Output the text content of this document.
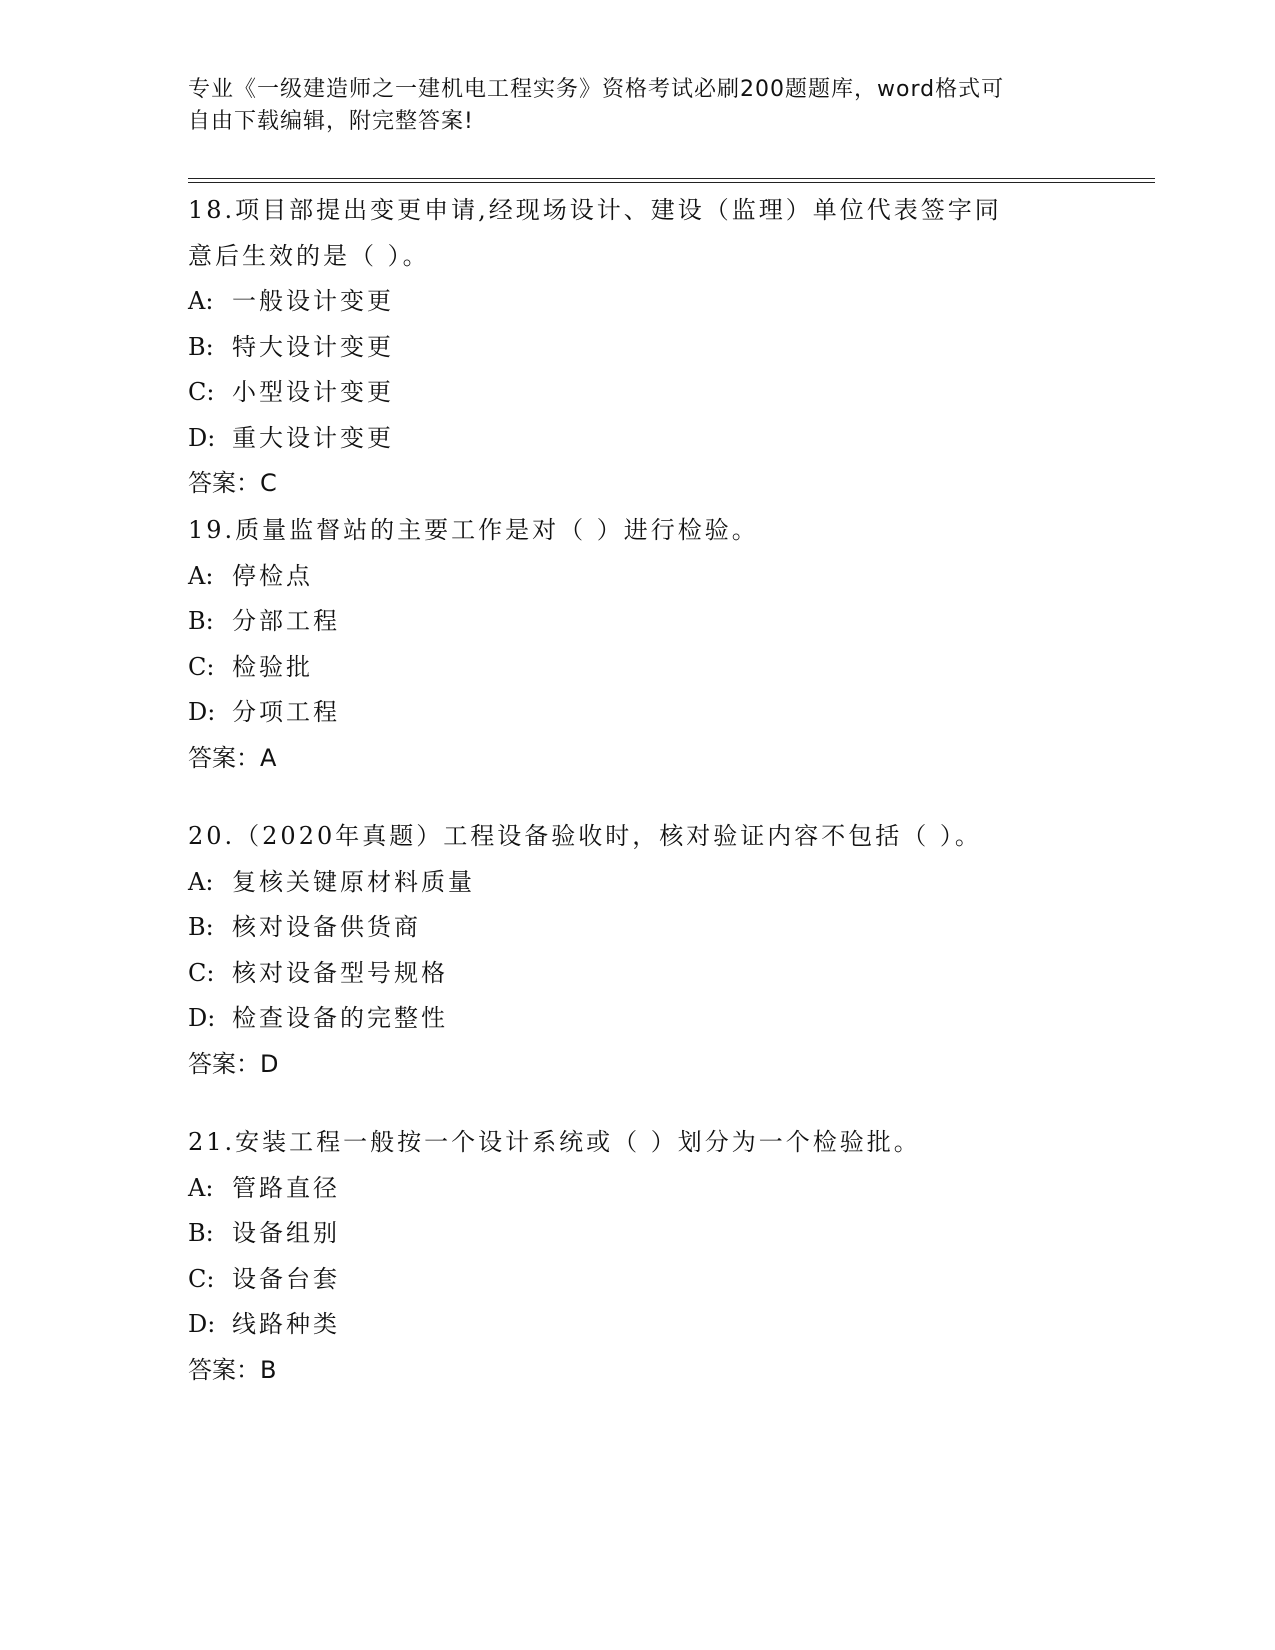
专业《一级建造师之一建机电工程实务》资格考试必刷200题题库，word格式可

自由下载编辑，附完整答案!

18.项目部提出变更申请,经现场设计、建设（监理）单位代表签字同
意后生效的是（ ）。

A: 一般设计变更

B: 特大设计变更

C: 小型设计变更

D: 重大设计变更

答案：C

19.质量监督站的主要工作是对（ ）进行检验。

A: 停检点

B: 分部工程

C: 检验批

D: 分项工程

答案：A

20.（2020年真题）工程设备验收时，核对验证内容不包括（ ）。

A: 复核关键原材料质量

B: 核对设备供货商

C: 核对设备型号规格

D: 检查设备的完整性

答案：D

21.安装工程一般按一个设计系统或（ ）划分为一个检验批。

A: 管路直径

B: 设备组别

C: 设备台套

D: 线路种类

答案：B
